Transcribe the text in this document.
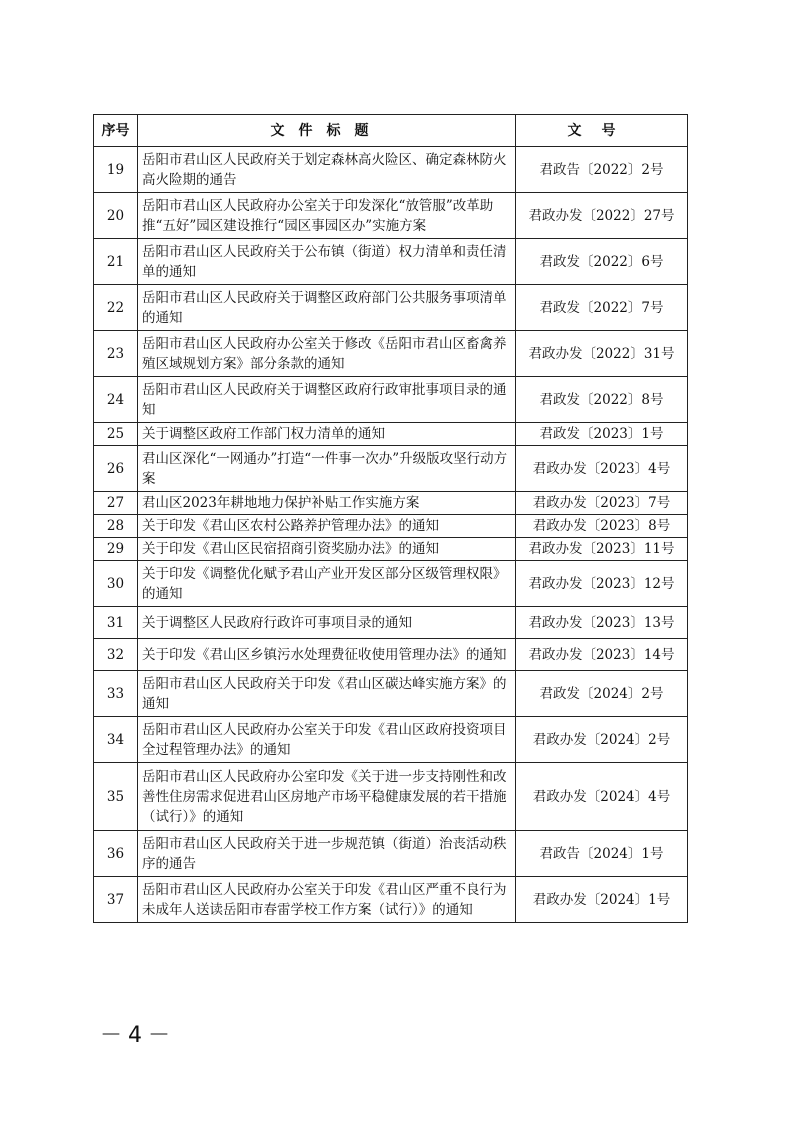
序号	文件标题	文号
19	岳阳市君山区人民政府关于划定森林高火险区、确定森林防火高火险期的通告	君政告〔2022〕2号
20	岳阳市君山区人民政府办公室关于印发深化“放管服”改革助推“五好”园区建设推行“园区事园区办”实施方案	君政办发〔2022〕27号
21	岳阳市君山区人民政府关于公布镇（街道）权力清单和责任清单的通知	君政发〔2022〕6号
22	岳阳市君山区人民政府关于调整区政府部门公共服务事项清单的通知	君政发〔2022〕7号
23	岳阳市君山区人民政府办公室关于修改《岳阳市君山区畜禽养殖区域规划方案》部分条款的通知	君政办发〔2022〕31号
24	岳阳市君山区人民政府关于调整区政府行政审批事项目录的通知	君政发〔2022〕8号
25	关于调整区政府工作部门权力清单的通知	君政发〔2023〕1号
26	君山区深化“一网通办”打造“一件事一次办”升级版攻坚行动方案	君政办发〔2023〕4号
27	君山区2023年耕地地力保护补贴工作实施方案	君政办发〔2023〕7号
28	关于印发《君山区农村公路养护管理办法》的通知	君政办发〔2023〕8号
29	关于印发《君山区民宿招商引资奖励办法》的通知	君政办发〔2023〕11号
30	关于印发《调整优化赋予君山产业开发区部分区级管理权限》的通知	君政办发〔2023〕12号
31	关于调整区人民政府行政许可事项目录的通知	君政办发〔2023〕13号
32	关于印发《君山区乡镇污水处理费征收使用管理办法》的通知	君政办发〔2023〕14号
33	岳阳市君山区人民政府关于印发《君山区碳达峰实施方案》的通知	君政发〔2024〕2号
34	岳阳市君山区人民政府办公室关于印发《君山区政府投资项目全过程管理办法》的通知	君政办发〔2024〕2号
35	岳阳市君山区人民政府办公室印发《关于进一步支持刚性和改善性住房需求促进君山区房地产市场平稳健康发展的若干措施（试行）》的通知	君政办发〔2024〕4号
36	岳阳市君山区人民政府关于进一步规范镇（街道）治丧活动秩序的通告	君政告〔2024〕1号
37	岳阳市君山区人民政府办公室关于印发《君山区严重不良行为未成年人送读岳阳市春雷学校工作方案（试行）》的通知	君政办发〔2024〕1号
－4－
